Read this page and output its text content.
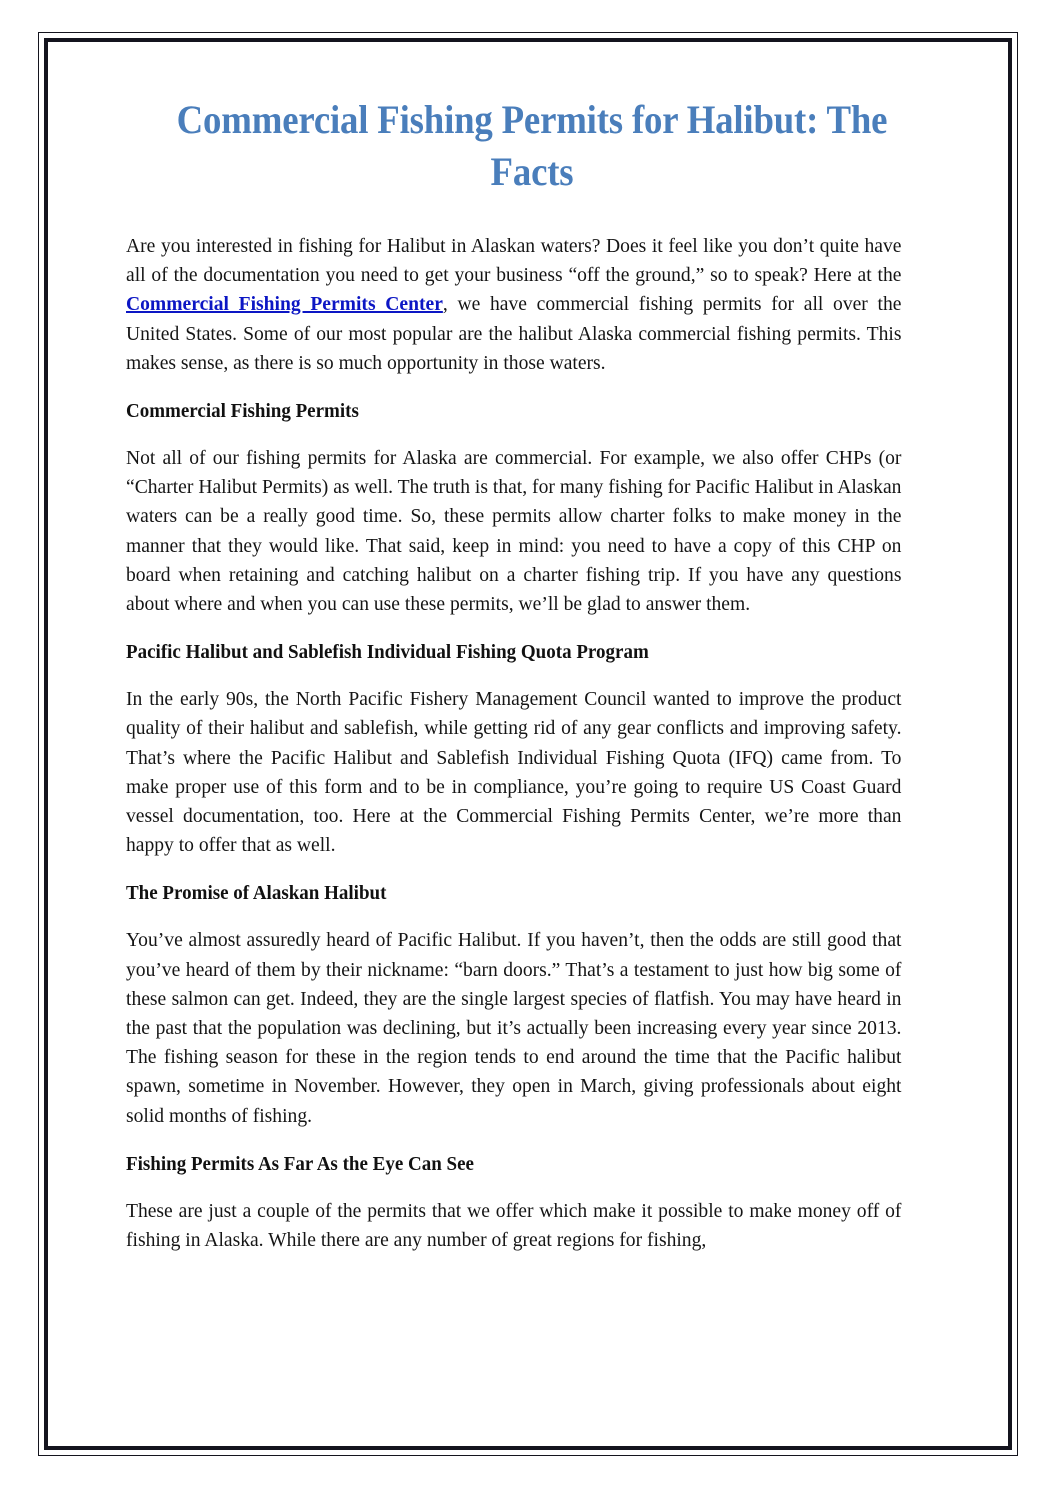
Commercial Fishing Permits for Halibut: The Facts

Are you interested in fishing for Halibut in Alaskan waters? Does it feel like you don’t quite have all of the documentation you need to get your business “off the ground,” so to speak? Here at the Commercial Fishing Permits Center, we have commercial fishing permits for all over the United States. Some of our most popular are the halibut Alaska commercial fishing permits. This makes sense, as there is so much opportunity in those waters.

Commercial Fishing Permits

Not all of our fishing permits for Alaska are commercial. For example, we also offer CHPs (or “Charter Halibut Permits) as well. The truth is that, for many fishing for Pacific Halibut in Alaskan waters can be a really good time. So, these permits allow charter folks to make money in the manner that they would like. That said, keep in mind: you need to have a copy of this CHP on board when retaining and catching halibut on a charter fishing trip. If you have any questions about where and when you can use these permits, we’ll be glad to answer them.

Pacific Halibut and Sablefish Individual Fishing Quota Program

In the early 90s, the North Pacific Fishery Management Council wanted to improve the product quality of their halibut and sablefish, while getting rid of any gear conflicts and improving safety. That’s where the Pacific Halibut and Sablefish Individual Fishing Quota (IFQ) came from. To make proper use of this form and to be in compliance, you’re going to require US Coast Guard vessel documentation, too. Here at the Commercial Fishing Permits Center, we’re more than happy to offer that as well.

The Promise of Alaskan Halibut

You’ve almost assuredly heard of Pacific Halibut. If you haven’t, then the odds are still good that you’ve heard of them by their nickname: “barn doors.” That’s a testament to just how big some of these salmon can get. Indeed, they are the single largest species of flatfish. You may have heard in the past that the population was declining, but it’s actually been increasing every year since 2013. The fishing season for these in the region tends to end around the time that the Pacific halibut spawn, sometime in November. However, they open in March, giving professionals about eight solid months of fishing.

Fishing Permits As Far As the Eye Can See

These are just a couple of the permits that we offer which make it possible to make money off of fishing in Alaska. While there are any number of great regions for fishing,
